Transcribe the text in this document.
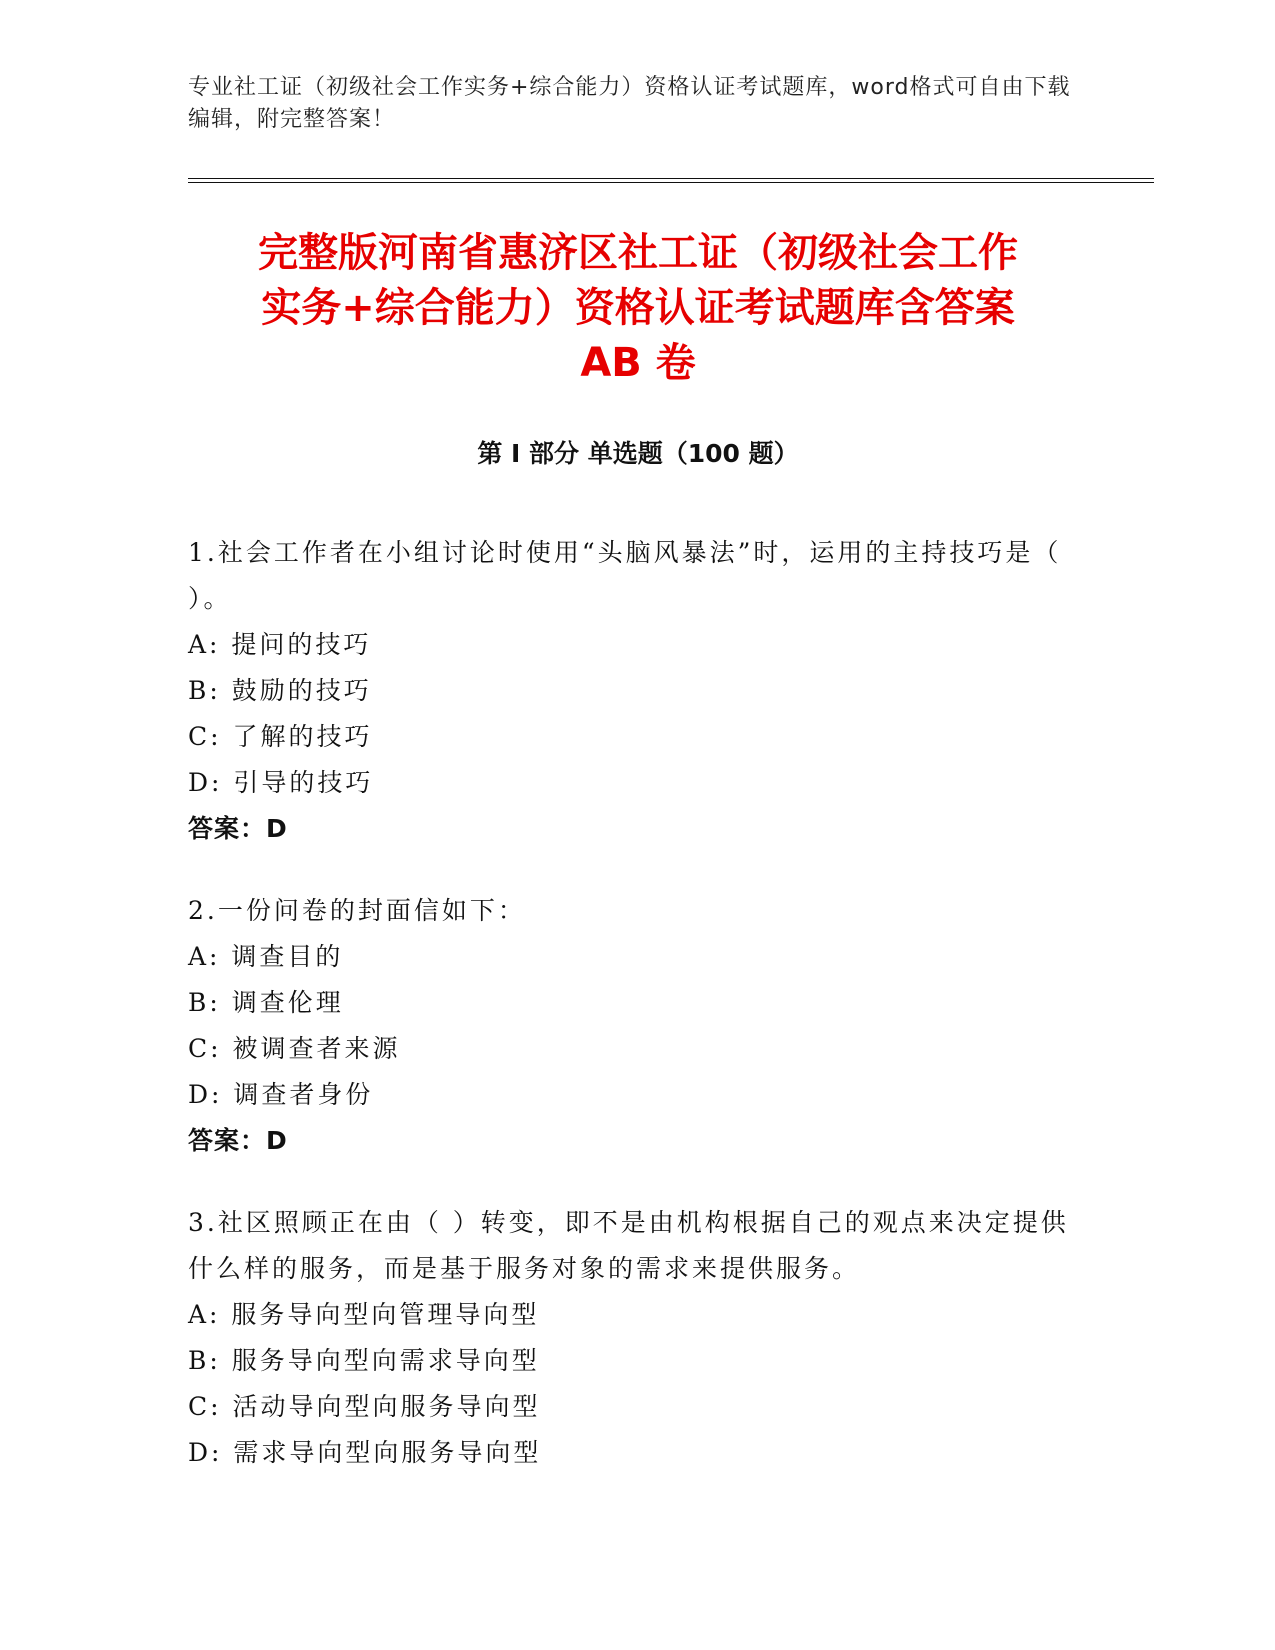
专业社工证（初级社会工作实务+综合能力）资格认证考试题库，word格式可自由下载编辑，附完整答案！
完整版河南省惠济区社工证（初级社会工作
实务+综合能力）资格认证考试题库含答案
AB 卷
第 I 部分 单选题（100 题）
1.社会工作者在小组讨论时使用“头脑风暴法”时，运用的主持技巧是（ ）。
A: 提问的技巧
B: 鼓励的技巧
C: 了解的技巧
D: 引导的技巧
答案：D
2.一份问卷的封面信如下：
A: 调查目的
B: 调查伦理
C: 被调查者来源
D: 调查者身份
答案：D
3.社区照顾正在由（ ）转变，即不是由机构根据自己的观点来决定提供什么样的服务，而是基于服务对象的需求来提供服务。
A: 服务导向型向管理导向型
B: 服务导向型向需求导向型
C: 活动导向型向服务导向型
D: 需求导向型向服务导向型
